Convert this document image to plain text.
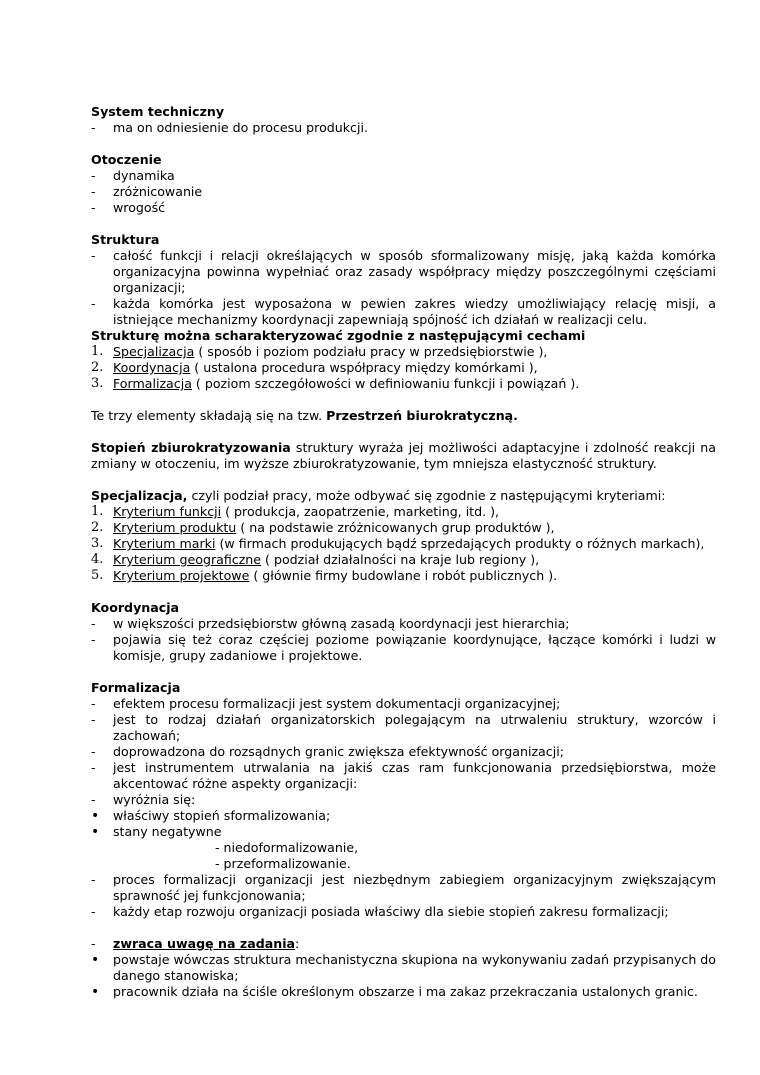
System techniczny
- ma on odniesienie do procesu produkcji.
Otoczenie
- dynamika
- zróżnicowanie
- wrogość
Struktura
- całość funkcji i relacji określających w sposób sformalizowany misję, jaką każda komórka organizacyjna powinna wypełniać oraz zasady współpracy między poszczególnymi częściami organizacji;
- każda komórka jest wyposażona w pewien zakres wiedzy umożliwiający relację misji, a istniejące mechanizmy koordynacji zapewniają spójność ich działań w realizacji celu.
Strukturę można scharakteryzować zgodnie z następującymi cechami
1. Specjalizacja ( sposób i poziom podziału pracy w przedsiębiorstwie ),
2. Koordynacja ( ustalona procedura współpracy między komórkami ),
3. Formalizacja ( poziom szczegółowości w definiowaniu funkcji i powiązań ).
Te trzy elementy składają się na tzw. Przestrzeń biurokratyczną.
Stopień zbiurokratyzowania struktury wyraża jej możliwości adaptacyjne i zdolność reakcji na zmiany w otoczeniu, im wyższe zbiurokratyzowanie, tym mniejsza elastyczność struktury.
Specjalizacja, czyli podział pracy, może odbywać się zgodnie z następującymi kryteriami:
1. Kryterium funkcji ( produkcja, zaopatrzenie, marketing, itd. ),
2. Kryterium produktu ( na podstawie zróżnicowanych grup produktów ),
3. Kryterium marki (w firmach produkujących bądź sprzedających produkty o różnych markach),
4. Kryterium geograficzne ( podział działalności na kraje lub regiony ),
5. Kryterium projektowe ( głównie firmy budowlane i robót publicznych ).
Koordynacja
- w większości przedsiębiorstw główną zasadą koordynacji jest hierarchia;
- pojawia się też coraz częściej poziome powiązanie koordynujące, łączące komórki i ludzi w komisje, grupy zadaniowe i projektowe.
Formalizacja
- efektem procesu formalizacji jest system dokumentacji organizacyjnej;
- jest to rodzaj działań organizatorskich polegającym na utrwaleniu struktury, wzorców i zachowań;
- doprowadzona do rozsądnych granic zwiększa efektywność organizacji;
- jest instrumentem utrwalania na jakiś czas ram funkcjonowania przedsiębiorstwa, może akcentować różne aspekty organizacji:
- wyróżnia się:
• właściwy stopień sformalizowania;
• stany negatywne
- niedoformalizowanie,
- przeformalizowanie.
- proces formalizacji organizacji jest niezbędnym zabiegiem organizacyjnym zwiększającym sprawność jej funkcjonowania;
- każdy etap rozwoju organizacji posiada właściwy dla siebie stopień zakresu formalizacji;
- zwraca uwagę na zadania:
• powstaje wówczas struktura mechanistyczna skupiona na wykonywaniu zadań przypisanych do danego stanowiska;
• pracownik działa na ściśle określonym obszarze i ma zakaz przekraczania ustalonych granic.
